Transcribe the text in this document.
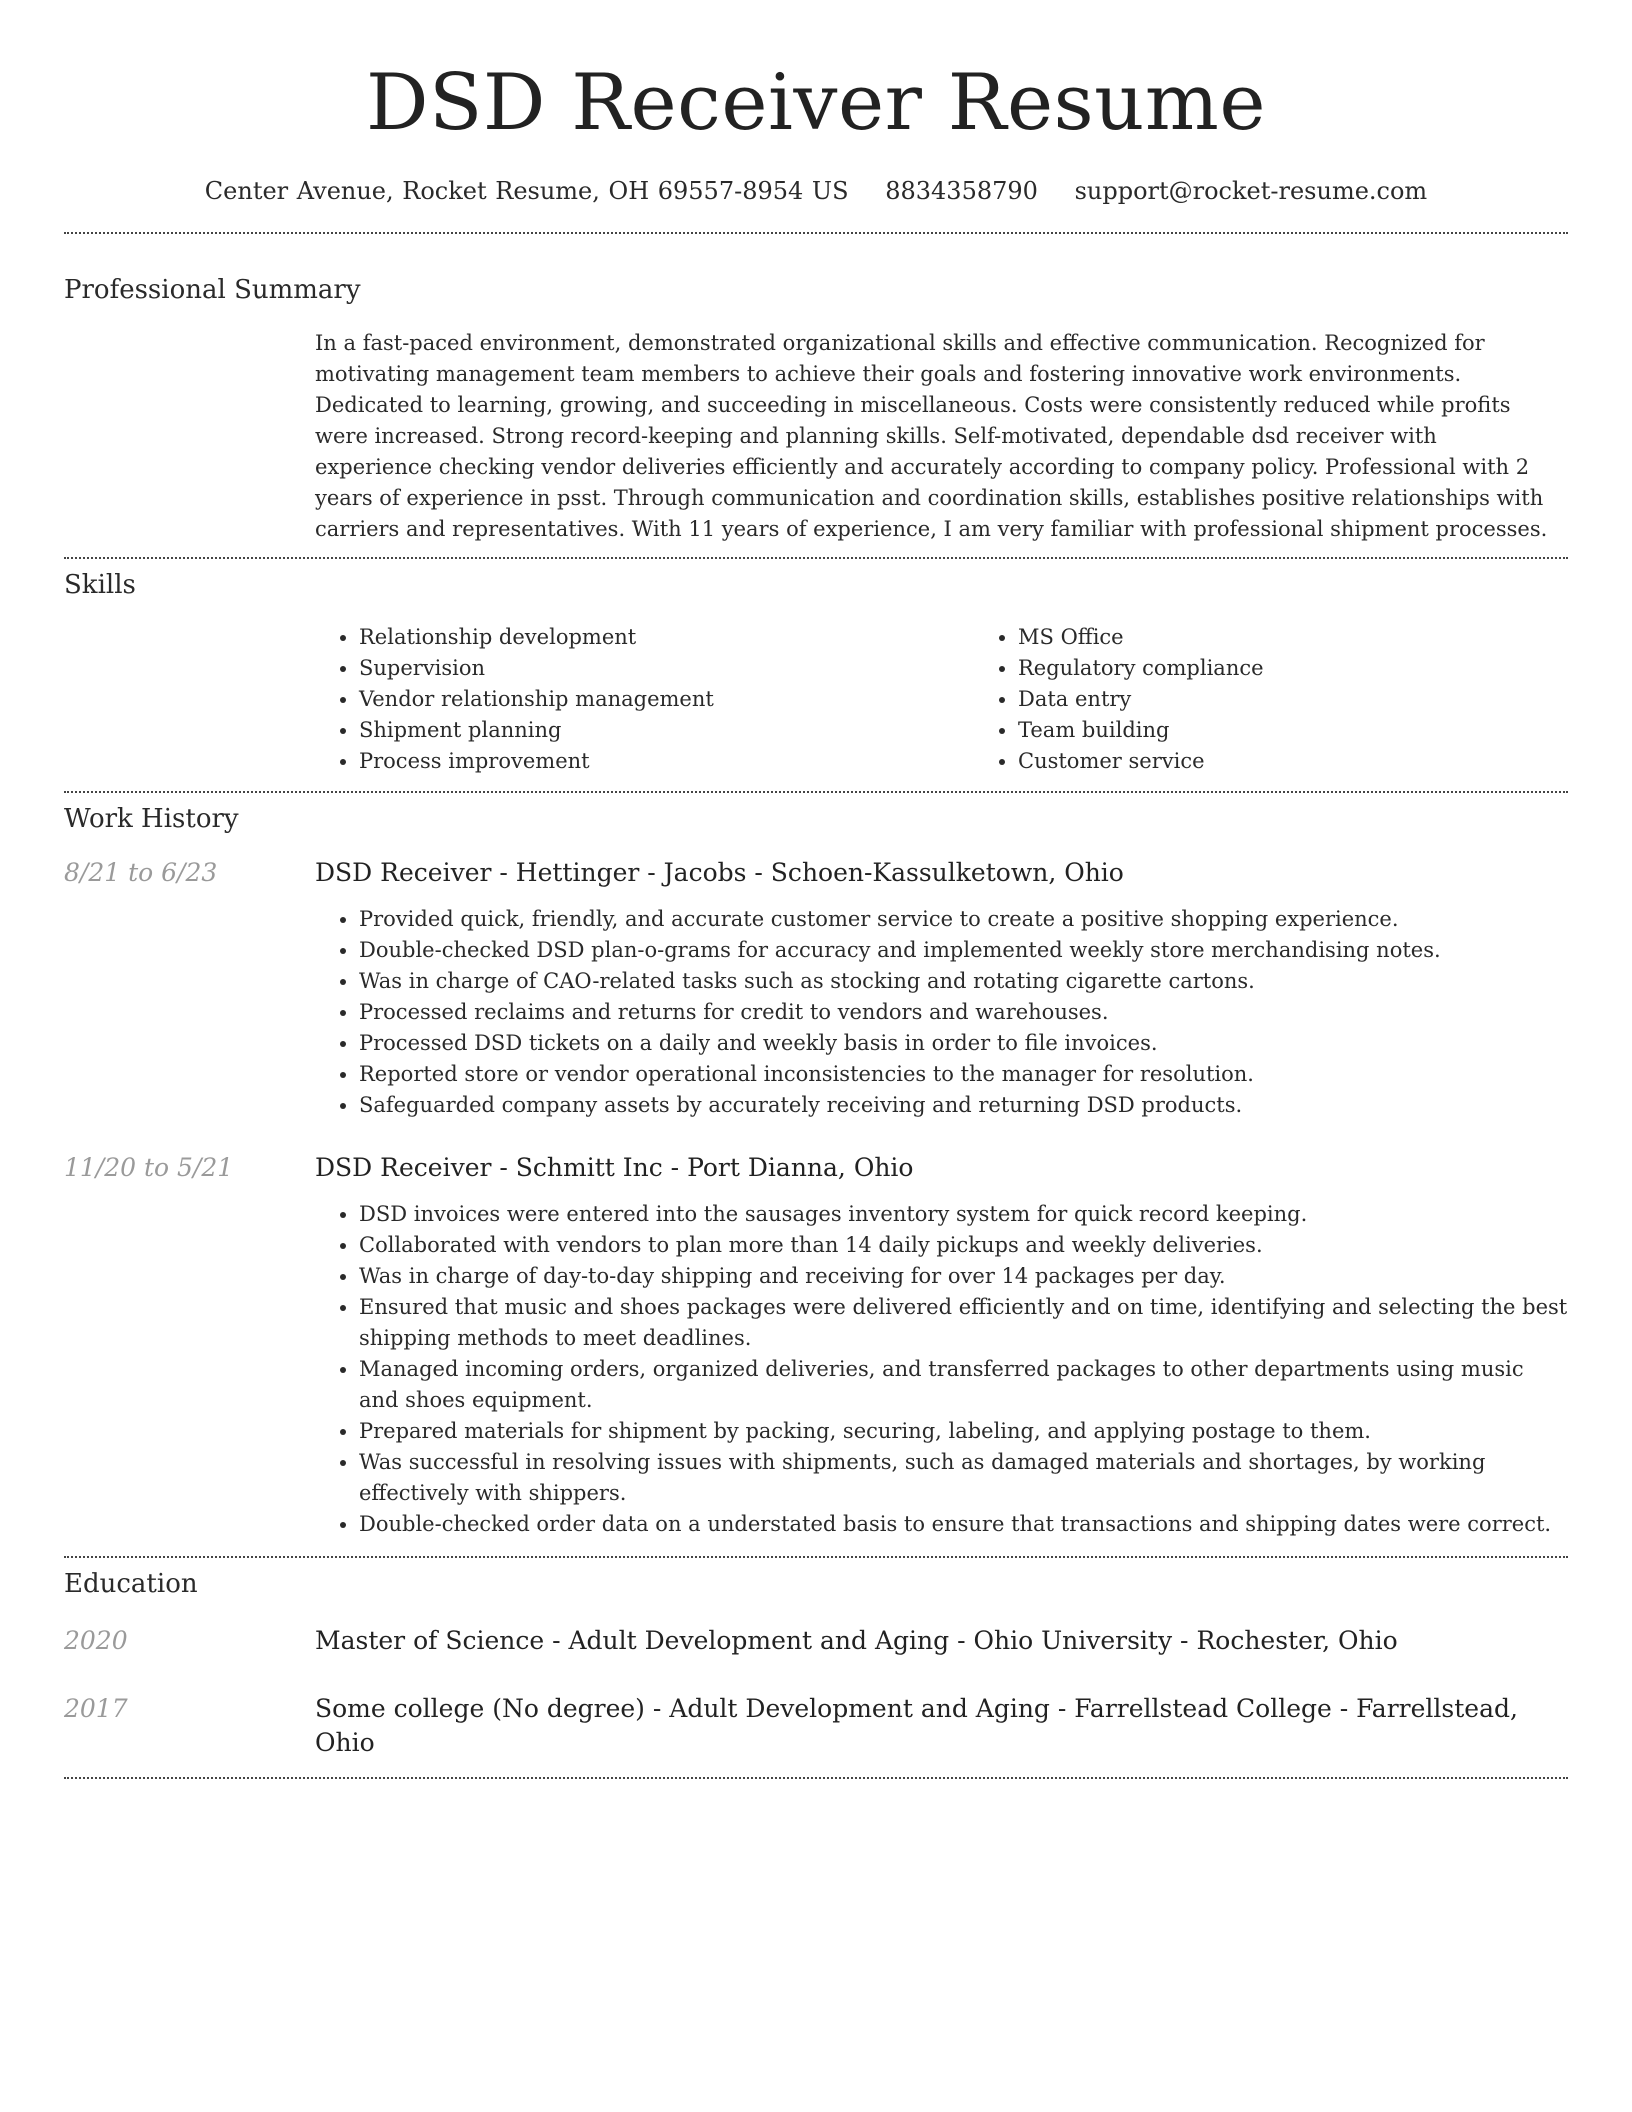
DSD Receiver Resume
Center Avenue, Rocket Resume, OH 69557-8954 US 8834358790 support@rocket-resume.com
Professional Summary

In a fast-paced environment, demonstrated organizational skills and effective communication. Recognized for motivating management team members to achieve their goals and fostering innovative work environments. Dedicated to learning, growing, and succeeding in miscellaneous. Costs were consistently reduced while profits were increased. Strong record-keeping and planning skills. Self-motivated, dependable dsd receiver with experience checking vendor deliveries efficiently and accurately according to company policy. Professional with 2 years of experience in psst. Through communication and coordination skills, establishes positive relationships with carriers and representatives. With 11 years of experience, I am very familiar with professional shipment processes.

Skills
• Relationship development
• Supervision
• Vendor relationship management
• Shipment planning
• Process improvement
• MS Office
• Regulatory compliance
• Data entry
• Team building
• Customer service
Work History
8/21 to 6/23	DSD Receiver - Hettinger - Jacobs - Schoen-Kassulketown, Ohio
• Provided quick, friendly, and accurate customer service to create a positive shopping experience.
• Double-checked DSD plan-o-grams for accuracy and implemented weekly store merchandising notes.
• Was in charge of CAO-related tasks such as stocking and rotating cigarette cartons.
• Processed reclaims and returns for credit to vendors and warehouses.
• Processed DSD tickets on a daily and weekly basis in order to file invoices.
• Reported store or vendor operational inconsistencies to the manager for resolution.
• Safeguarded company assets by accurately receiving and returning DSD products.
11/20 to 5/21	DSD Receiver - Schmitt Inc - Port Dianna, Ohio
• DSD invoices were entered into the sausages inventory system for quick record keeping.
• Collaborated with vendors to plan more than 14 daily pickups and weekly deliveries.
• Was in charge of day-to-day shipping and receiving for over 14 packages per day.
• Ensured that music and shoes packages were delivered efficiently and on time, identifying and selecting the best shipping methods to meet deadlines.
• Managed incoming orders, organized deliveries, and transferred packages to other departments using music and shoes equipment.
• Prepared materials for shipment by packing, securing, labeling, and applying postage to them.
• Was successful in resolving issues with shipments, such as damaged materials and shortages, by working effectively with shippers.
• Double-checked order data on a understated basis to ensure that transactions and shipping dates were correct.
Education
2020	Master of Science - Adult Development and Aging - Ohio University - Rochester, Ohio
2017	Some college (No degree) - Adult Development and Aging - Farrellstead College - Farrellstead, Ohio
